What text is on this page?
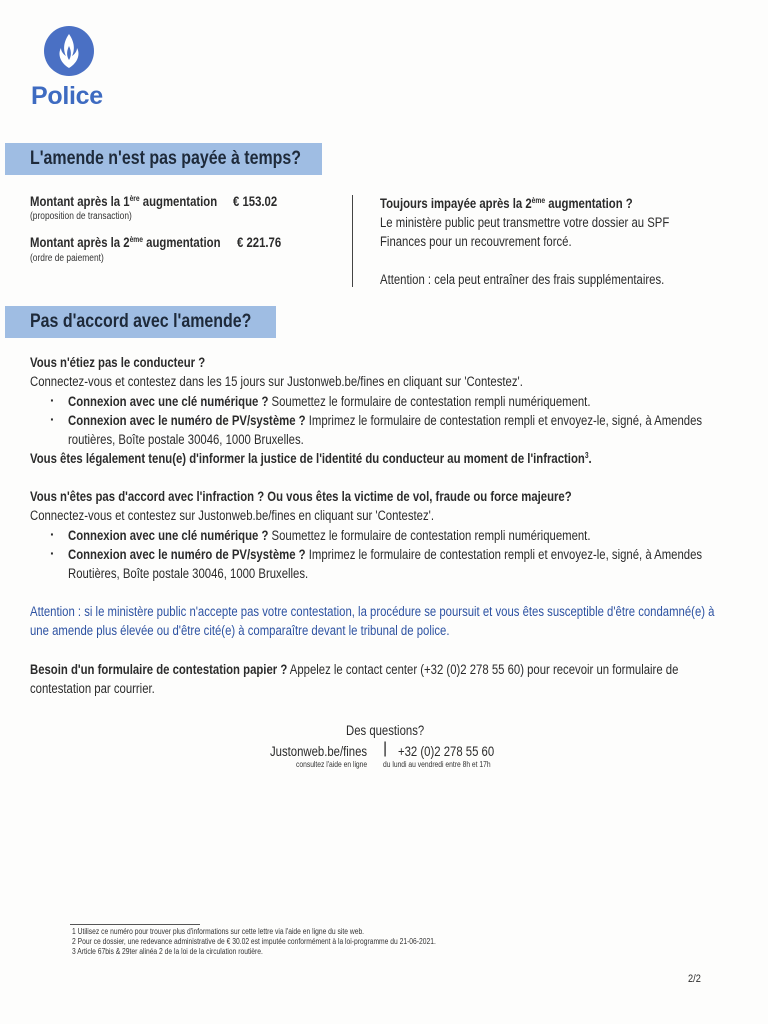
Police
L'amende n'est pas payée à temps?
Montant après la 1ère augmentation € 153.02
(proposition de transaction)
Montant après la 2ème augmentation € 221.76
(ordre de paiement)
Toujours impayée après la 2ème augmentation ?
Le ministère public peut transmettre votre dossier au SPF
Finances pour un recouvrement forcé.
Attention : cela peut entraîner des frais supplémentaires.
Pas d'accord avec l'amende?
Vous n'étiez pas le conducteur ?
Connectez-vous et contestez dans les 15 jours sur Justonweb.be/fines en cliquant sur 'Contestez'.
· Connexion avec une clé numérique ? Soumettez le formulaire de contestation rempli numériquement.
· Connexion avec le numéro de PV/système ? Imprimez le formulaire de contestation rempli et envoyez-le, signé, à Amendes
routières, Boîte postale 30046, 1000 Bruxelles.
Vous êtes légalement tenu(e) d'informer la justice de l'identité du conducteur au moment de l'infraction$^3$.
Vous n'êtes pas d'accord avec l'infraction ? Ou vous êtes la victime de vol, fraude ou force majeure?
Connectez-vous et contestez sur Justonweb.be/fines en cliquant sur 'Contestez'.
· Connexion avec une clé numérique ? Soumettez le formulaire de contestation rempli numériquement.
· Connexion avec le numéro de PV/système ? Imprimez le formulaire de contestation rempli et envoyez-le, signé, à Amendes
Routières, Boîte postale 30046, 1000 Bruxelles.
Attention : si le ministère public n'accepte pas votre contestation, la procédure se poursuit et vous êtes susceptible d'être condamné(e) à
une amende plus élevée ou d'être cité(e) à comparaître devant le tribunal de police.
Besoin d'un formulaire de contestation papier ? Appelez le contact center (+32 (0)2 278 55 60) pour recevoir un formulaire de
contestation par courrier.
Des questions?
Justonweb.be/fines | +32 (0)2 278 55 60
consultez l'aide en ligne du lundi au vendredi entre 8h et 17h
1 Utilisez ce numéro pour trouver plus d'informations sur cette lettre via l'aide en ligne du site web.
2 Pour ce dossier, une redevance administrative de € 30.02 est imputée conformément à la loi-programme du 21-06-2021.
3 Article 67bis & 29ter alinéa 2 de la loi de la circulation routière.
2/2
